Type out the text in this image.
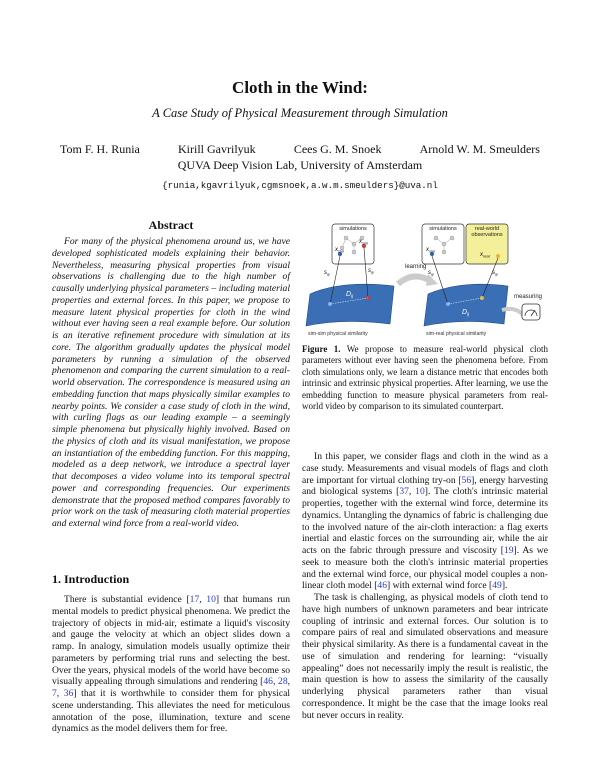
Cloth in the Wind:
A Case Study of Physical Measurement through Simulation
Tom F. H. Runia	Kirill Gavrilyuk	Cees G. M. Snoek	Arnold W. M. Smeulders
QUVA Deep Vision Lab, University of Amsterdam
{runia,kgavrilyuk,cgmsnoek,a.w.m.smeulders}@uva.nl
Abstract
For many of the physical phenomena around us, we have developed sophisticated models explaining their behavior. Nevertheless, measuring physical properties from visual observations is challenging due to the high number of causally underlying physical parameters – including material properties and external forces. In this paper, we propose to measure latent physical properties for cloth in the wind without ever having seen a real example before. Our solution is an iterative refinement procedure with simulation at its core. The algorithm gradually updates the physical model parameters by running a simulation of the observed phenomenon and comparing the current simulation to a real-world observation. The correspondence is measured using an embedding function that maps physically similar examples to nearby points. We consider a case study of cloth in the wind, with curling flags as our leading example – a seemingly simple phenomena but physically highly involved. Based on the physics of cloth and its visual manifestation, we propose an instantiation of the embedding function. For this mapping, modeled as a deep network, we introduce a spectral layer that decomposes a video volume into its temporal spectral power and corresponding frequencies. Our experiments demonstrate that the proposed method compares favorably to prior work on the task of measuring cloth material properties and external wind force from a real-world video.
1. Introduction
There is substantial evidence [17, 10] that humans run mental models to predict physical phenomena. We predict the trajectory of objects in mid-air, estimate a liquid's viscosity and gauge the velocity at which an object slides down a ramp. In analogy, simulation models usually optimize their parameters by performing trial runs and selecting the best. Over the years, physical models of the world have become so visually appealing through simulations and rendering [46, 28, 7, 36] that it is worthwhile to consider them for physical scene understanding. This alleviates the need for meticulous annotation of the pose, illumination, texture and scene dynamics as the model delivers them for free.
simulations
$x_{sim}$
$x_{sim}$
$s_\varphi$	$s_\varphi$
$D_{ij}$
sim-sim physical similarity
learning
simulations
$x_{sim}$
real-world
observations
$x_{real}$
$s_\varphi$	$s_\varphi$
$D_{ij}$
sim-real physical similarity
measuring
Figure 1. We propose to measure real-world physical cloth parameters without ever having seen the phenomena before. From cloth simulations only, we learn a distance metric that encodes both intrinsic and extrinsic physical properties. After learning, we use the embedding function to measure physical parameters from real-world video by comparison to its simulated counterpart.

In this paper, we consider flags and cloth in the wind as a case study. Measurements and visual models of flags and cloth are important for virtual clothing try-on [56], energy harvesting and biological systems [37, 10]. The cloth's intrinsic material properties, together with the external wind force, determine its dynamics. Untangling the dynamics of fabric is challenging due to the involved nature of the air-cloth interaction: a flag exerts inertial and elastic forces on the surrounding air, while the air acts on the fabric through pressure and viscosity [19]. As we seek to measure both the cloth's intrinsic material properties and the external wind force, our physical model couples a non-linear cloth model [46] with external wind force [49].

The task is challenging, as physical models of cloth tend to have high numbers of unknown parameters and bear intricate coupling of intrinsic and external forces. Our solution is to compare pairs of real and simulated observations and measure their physical similarity. As there is a fundamental caveat in the use of simulation and rendering for learning: “visually appealing” does not necessarily imply the result is realistic, the main question is how to assess the similarity of the causally underlying physical parameters rather than visual correspondence. It might be the case that the image looks real but never occurs in reality.
